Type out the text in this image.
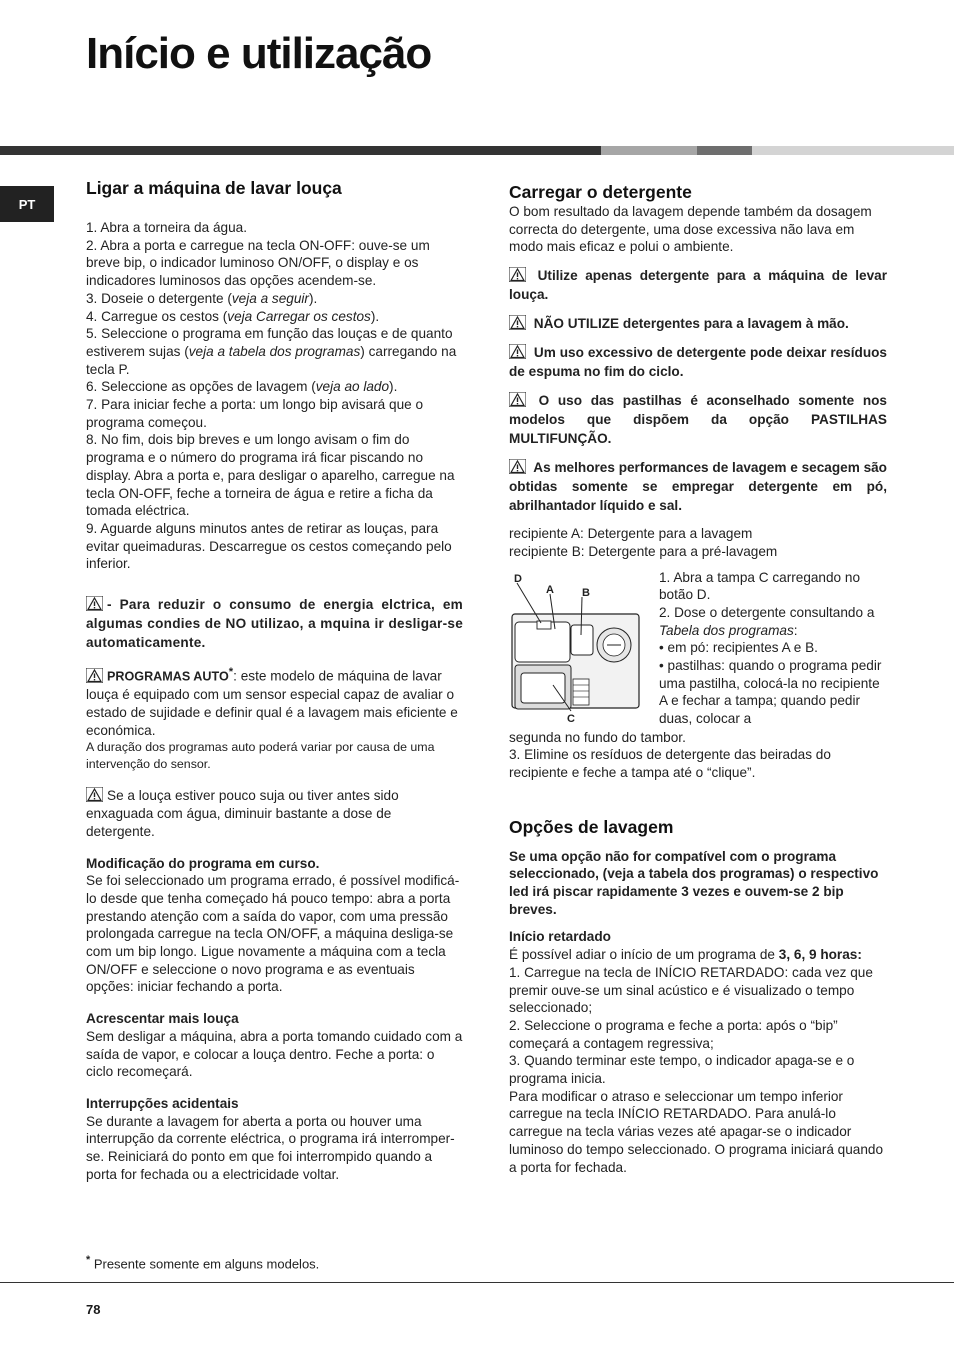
Início e utilização
PT

Ligar a máquina de lavar louça

1. Abra a torneira da água.

2. Abra a porta e carregue na tecla ON-OFF: ouve-se um breve bip, o indicador luminoso ON/OFF, o display e os indicadores luminosos das opções acendem-se.

3. Doseie o detergente (veja a seguir).

4. Carregue os cestos (veja Carregar os cestos).

5. Seleccione o programa em função das louças e de quanto estiverem sujas (veja a tabela dos programas) carregando na tecla P.

6. Seleccione as opções de lavagem (veja ao lado).

7. Para iniciar feche a porta: um longo bip avisará que o programa começou.

8. No fim, dois bip breves e um longo avisam o fim do programa e o número do programa irá ficar piscando no display. Abra a porta e, para desligar o aparelho, carregue na tecla ON-OFF, feche a torneira de água e retire a ficha da tomada eléctrica.

9. Aguarde alguns minutos antes de retirar as louças, para evitar queimaduras. Descarregue os cestos começando pelo inferior.

- Para reduzir o consumo de energia elctrica, em algumas condies de NO utilizao, a mquina ir desligar-se automaticamente.

PROGRAMAS AUTO*: este modelo de máquina de lavar louça é equipado com um sensor especial capaz de avaliar o estado de sujidade e definir qual é a lavagem mais eficiente e económica.

A duração dos programas auto poderá variar por causa de uma intervenção do sensor.

Se a louça estiver pouco suja ou tiver antes sido enxaguada com água, diminuir bastante a dose de detergente.

Modificação do programa em curso.

Se foi seleccionado um programa errado, é possível modificá-lo desde que tenha começado há pouco tempo: abra a porta prestando atenção com a saída do vapor, com uma pressão prolongada carregue na tecla ON/OFF, a máquina desliga-se com um bip longo. Ligue novamente a máquina com a tecla ON/OFF e seleccione o novo programa e as eventuais opções: iniciar fechando a porta.

Acrescentar mais louça

Sem desligar a máquina, abra a porta tomando cuidado com a saída de vapor, e colocar a louça dentro. Feche a porta: o ciclo recomeçará.

Interrupções acidentais

Se durante a lavagem for aberta a porta ou houver uma interrupção da corrente eléctrica, o programa irá interromper-se. Reiniciará do ponto em que foi interrompido quando a porta for fechada ou a electricidade voltar.

Carregar o detergente

O bom resultado da lavagem depende também da dosagem correcta do detergente, uma dose excessiva não lava em modo mais eficaz e polui o ambiente.

Utilize apenas detergente para a máquina de levar louça.

NÃO UTILIZE detergentes para a lavagem à mão.

Um uso excessivo de detergente pode deixar resíduos de espuma no fim do ciclo.

O uso das pastilhas é aconselhado somente nos modelos que dispõem da opção PASTILHAS MULTIFUNÇÃO.

As melhores performances de lavagem e secagem são obtidas somente se empregar detergente em pó, abrilhantador líquido e sal.

recipiente A: Detergente para a lavagem

recipiente B: Detergente para a pré-lavagem

D
A	B
C

1. Abra a tampa C carregando no botão D.

2. Dose o detergente consultando a Tabela dos programas:

• em pó: recipientes A e B.

• pastilhas: quando o programa pedir uma pastilha, colocá-la no recipiente A e fechar a tampa; quando pedir duas, colocar a

segunda no fundo do tambor.

3. Elimine os resíduos de detergente das beiradas do recipiente e feche a tampa até o “clique”.

Opções de lavagem

Se uma opção não for compatível com o programa seleccionado, (veja a tabela dos programas) o respectivo led irá piscar rapidamente 3 vezes e ouvem-se 2 bip breves.

Início retardado

É possível adiar o início de um programa de 3, 6, 9 horas:

1. Carregue na tecla de INÍCIO RETARDADO: cada vez que premir ouve-se um sinal acústico e é visualizado o tempo seleccionado;

2. Seleccione o programa e feche a porta: após o “bip” começará a contagem regressiva;

3. Quando terminar este tempo, o indicador apaga-se e o programa inicia.

Para modificar o atraso e seleccionar um tempo inferior carregue na tecla INÍCIO RETARDADO. Para anulá-lo carregue na tecla várias vezes até apagar-se o indicador luminoso do tempo seleccionado. O programa iniciará quando a porta for fechada.

* Presente somente em alguns modelos.
78
